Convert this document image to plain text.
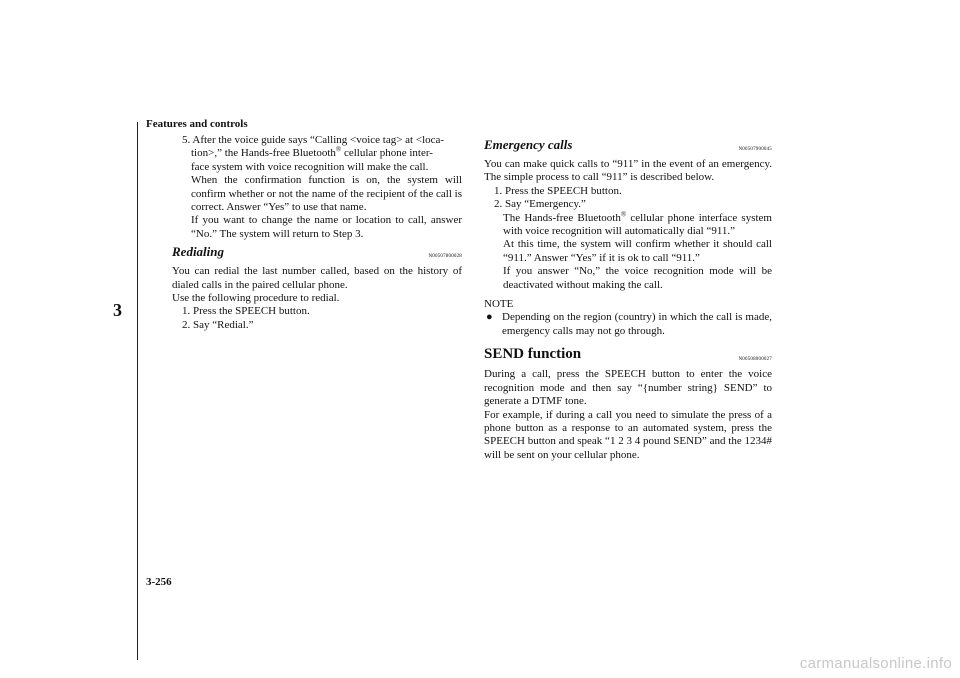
Features and controls
3
3-256

5. After the voice guide says “Calling <voice tag> at <loca-

tion>,” the Hands-free Bluetooth® cellular phone inter-

face system with voice recognition will make the call.

When the confirmation function is on, the system will confirm whether or not the name of the recipient of the call is correct. Answer “Yes” to use that name.

If you want to change the name or location to call, answer “No.” The system will return to Step 3.

Redialing	N00507800028

You can redial the last number called, based on the history of dialed calls in the paired cellular phone.

Use the following procedure to redial.

1. Press the SPEECH button.

2. Say “Redial.”

Emergency calls	N00507900045

You can make quick calls to “911” in the event of an emergency. The simple process to call “911” is described below.

1. Press the SPEECH button.

2. Say “Emergency.”

The Hands-free Bluetooth® cellular phone interface system with voice recognition will automatically dial “911.”

At this time, the system will confirm whether it should call “911.” Answer “Yes” if it is ok to call “911.”

If you answer “No,” the voice recognition mode will be deactivated without making the call.

NOTE

● Depending on the region (country) in which the call is made, emergency calls may not go through.
SEND function	N00508000027

During a call, press the SPEECH button to enter the voice recognition mode and then say “{number string} SEND” to generate a DTMF tone.

For example, if during a call you need to simulate the press of a phone button as a response to an automated system, press the SPEECH button and speak “1 2 3 4 pound SEND” and the 1234# will be sent on your cellular phone.

carmanualsonline.info
